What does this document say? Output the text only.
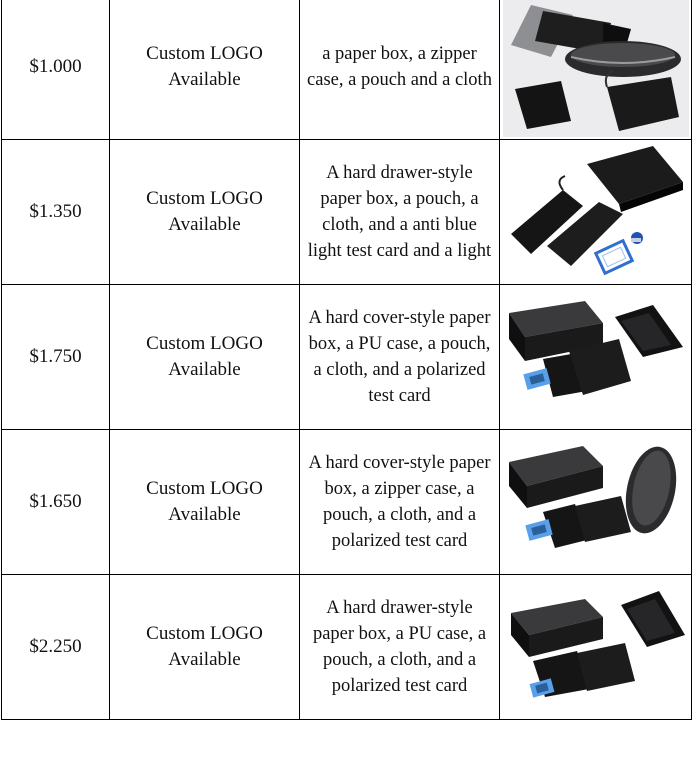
$1.000	Custom LOGO Available	a paper box, a zipper case, a pouch and a cloth

$1.350	Custom LOGO Available	A hard drawer-style paper box, a pouch, a cloth, and a anti blue light test card and a light

$1.750	Custom LOGO Available	A hard cover-style paper box, a PU case, a pouch, a cloth, and a polarized test card

$1.650	Custom LOGO Available	A hard cover-style paper box, a zipper case, a pouch, a cloth, and a polarized test card

$2.250	Custom LOGO Available	A hard drawer-style paper box, a PU case, a pouch, a cloth, and a polarized test card
